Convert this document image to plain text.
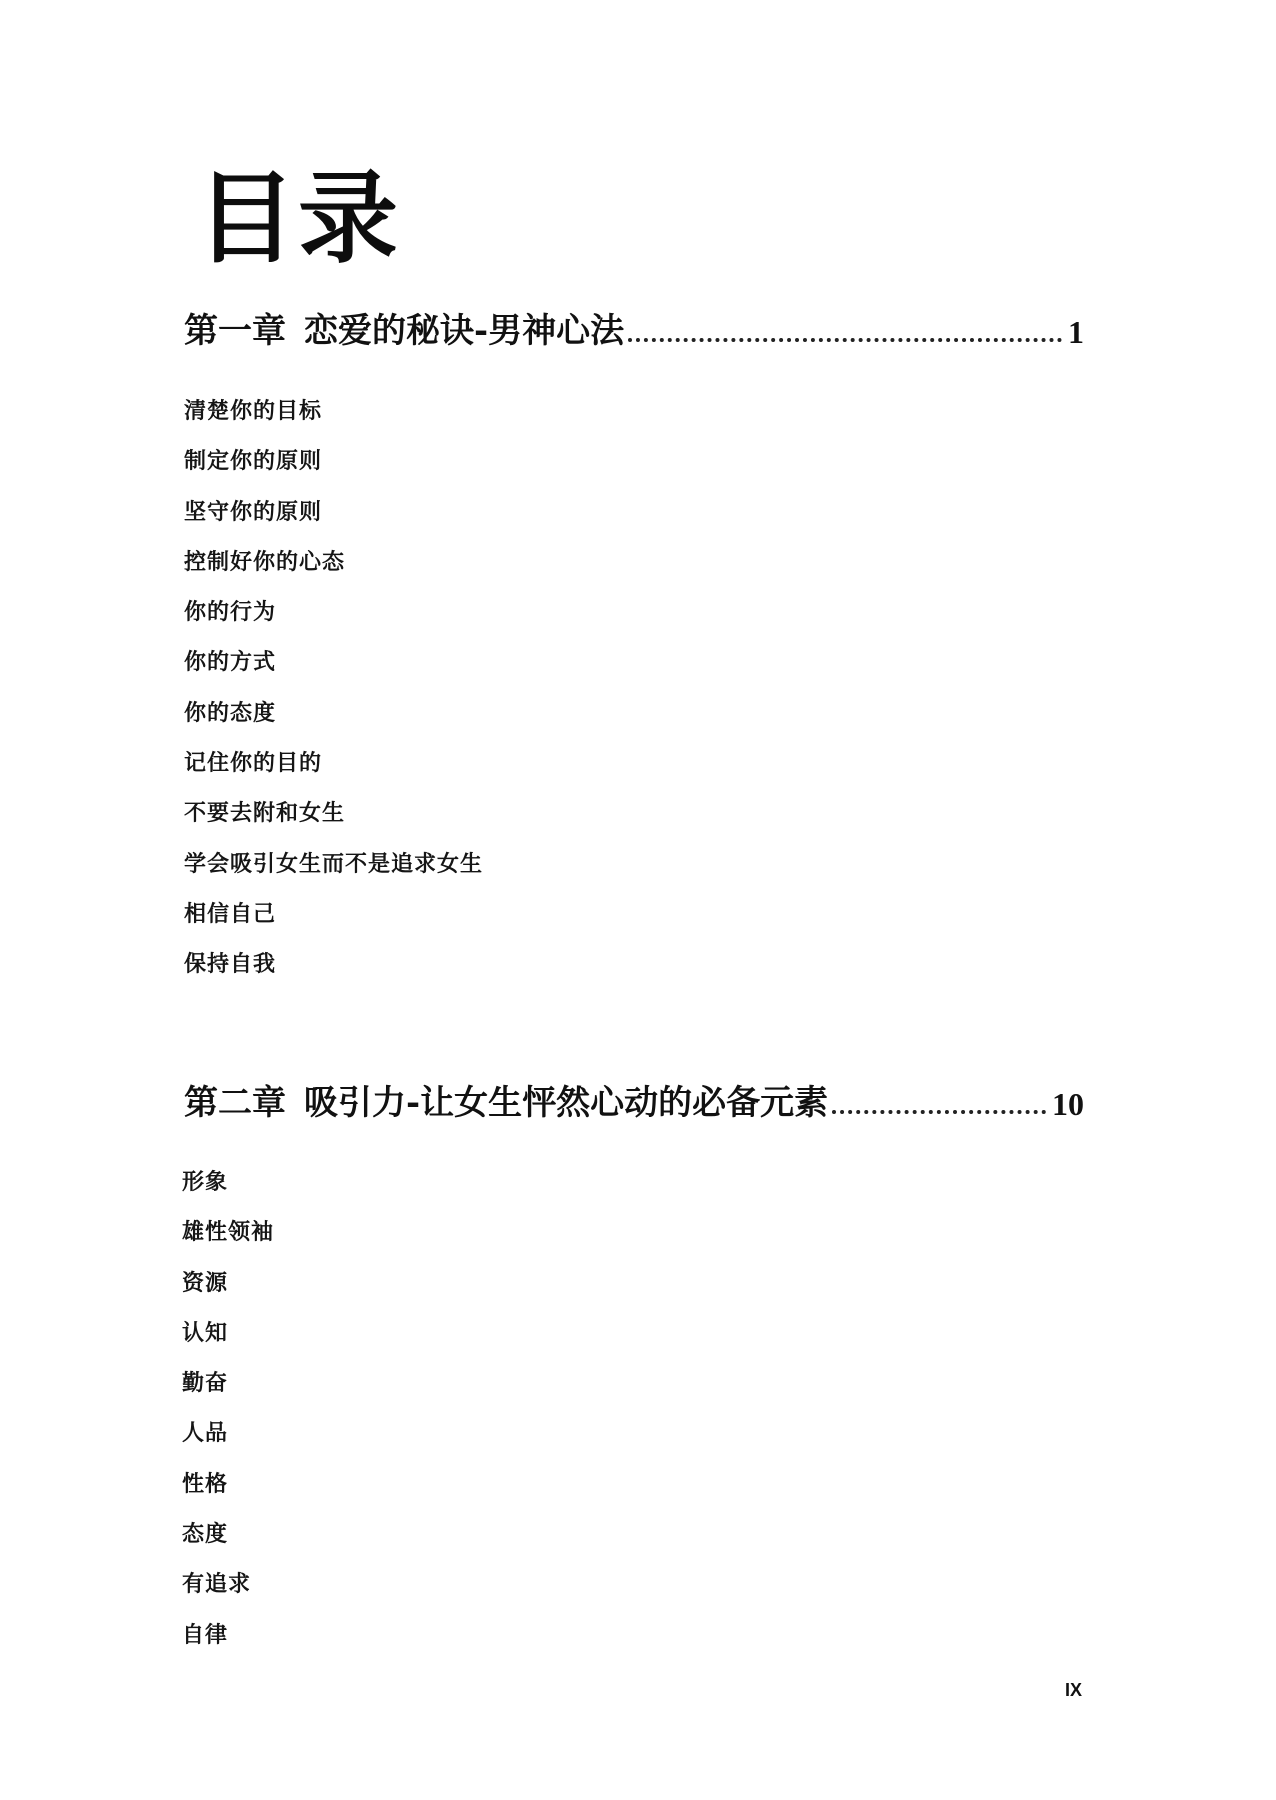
目录
第一章 恋爱的秘诀-男神心法	1
清楚你的目标
制定你的原则
坚守你的原则
控制好你的心态
你的行为
你的方式
你的态度
记住你的目的
不要去附和女生
学会吸引女生而不是追求女生
相信自己
保持自我
第二章 吸引力-让女生怦然心动的必备元素	10
形象
雄性领袖
资源
认知
勤奋
人品
性格
态度
有追求
自律
IX
